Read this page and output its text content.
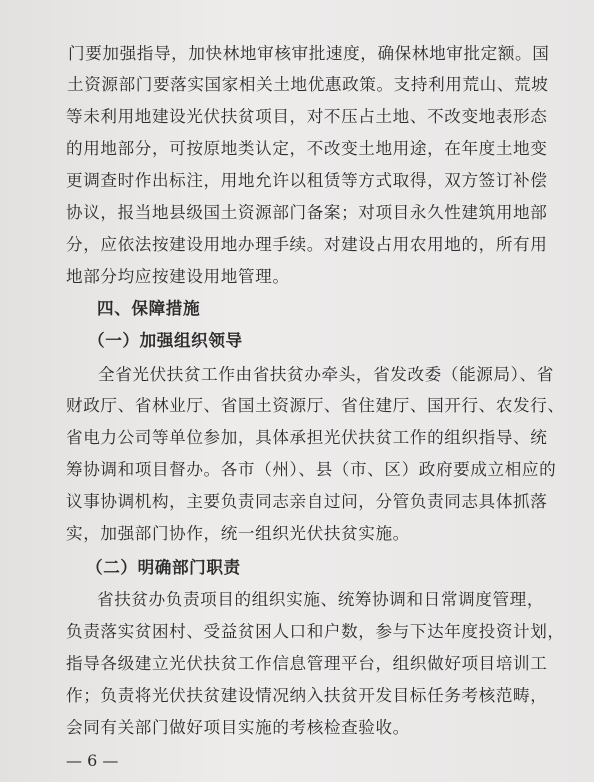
门要加强指导，加快林地审核审批速度，确保林地审批定额。国
土资源部门要落实国家相关土地优惠政策。支持利用荒山、荒坡
等未利用地建设光伏扶贫项目，对不压占土地、不改变地表形态
的用地部分，可按原地类认定，不改变土地用途，在年度土地变
更调查时作出标注，用地允许以租赁等方式取得，双方签订补偿
协议，报当地县级国土资源部门备案；对项目永久性建筑用地部
分，应依法按建设用地办理手续。对建设占用农用地的，所有用
地部分均应按建设用地管理。
四、保障措施
（一）加强组织领导
全省光伏扶贫工作由省扶贫办牵头，省发改委（能源局）、省
财政厅、省林业厅、省国土资源厅、省住建厅、国开行、农发行、
省电力公司等单位参加，具体承担光伏扶贫工作的组织指导、统
筹协调和项目督办。各市（州）、县（市、区）政府要成立相应的
议事协调机构，主要负责同志亲自过问，分管负责同志具体抓落
实，加强部门协作，统一组织光伏扶贫实施。
（二）明确部门职责
省扶贫办负责项目的组织实施、统筹协调和日常调度管理，
负责落实贫困村、受益贫困人口和户数，参与下达年度投资计划，
指导各级建立光伏扶贫工作信息管理平台，组织做好项目培训工
作；负责将光伏扶贫建设情况纳入扶贫开发目标任务考核范畴，
会同有关部门做好项目实施的考核检查验收。
— 6 —
